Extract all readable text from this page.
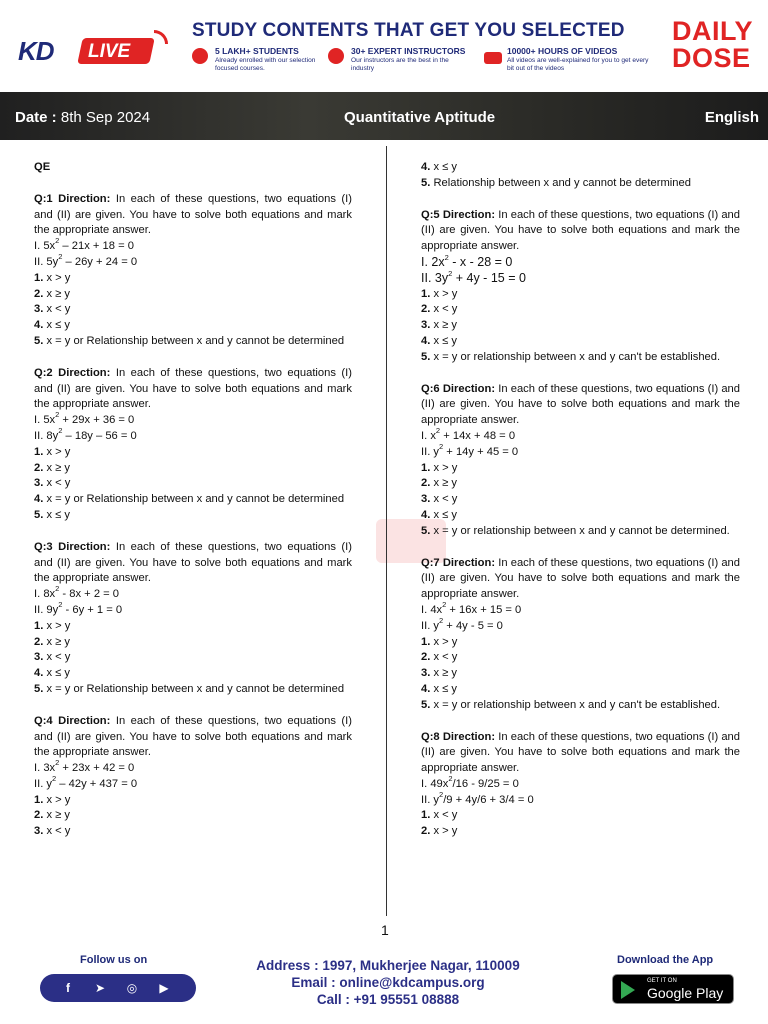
KD LIVE
STUDY CONTENTS THAT GET YOU SELECTED
5 LAKH+ STUDENTS
Already enrolled with our selection focused courses.
30+ EXPERT INSTRUCTORS
Our instructors are the best in the industry
10000+ HOURS OF VIDEOS
All videos are well-explained for you to get every bit out of the videos
DAILY
DOSE
Date : 8th Sep 2024	Quantitative Aptitude	English
QE
Q:1 Direction: In each of these questions, two equations (I) and (II) are given. You have to solve both equations and mark the appropriate answer.
I. $5x^2 - 21x + 18 = 0$
II. $5y^2 - 26y + 24 = 0$
1. x > y
2. x ≥ y
3. x < y
4. x ≤ y
5. x = y or Relationship between x and y cannot be determined
Q:2 Direction: In each of these questions, two equations (I) and (II) are given. You have to solve both equations and mark the appropriate answer.
I. $5x^2 + 29x + 36 = 0$
II. $8y^2 - 18y - 56 = 0$
1. x > y
2. x ≥ y
3. x < y
4. x = y or Relationship between x and y cannot be determined
5. x ≤ y
Q:3 Direction: In each of these questions, two equations (I) and (II) are given. You have to solve both equations and mark the appropriate answer.
I. $8x^2 - 8x + 2 = 0$
II. $9y^2 - 6y + 1 = 0$
1. x > y
2. x ≥ y
3. x < y
4. x ≤ y
5. x = y or Relationship between x and y cannot be determined
Q:4 Direction: In each of these questions, two equations (I) and (II) are given. You have to solve both equations and mark the appropriate answer.
I. $3x^2 + 23x + 42 = 0$
II. $y^2 - 42y + 437 = 0$
1. x > y
2. x ≥ y
3. x < y
4. x ≤ y
5. Relationship between x and y cannot be determined
Q:5 Direction: In each of these questions, two equations (I) and (II) are given. You have to solve both equations and mark the appropriate answer.
I. $2x^2 - x - 28 = 0$
II. $3y^2 + 4y - 15 = 0$
1. x > y
2. x < y
3. x ≥ y
4. x ≤ y
5. x = y or relationship between x and y can't be established.
Q:6 Direction: In each of these questions, two equations (I) and (II) are given. You have to solve both equations and mark the appropriate answer.
I. $x^2 + 14x + 48 = 0$
II. $y^2 + 14y + 45 = 0$
1. x > y
2. x ≥ y
3. x < y
4. x ≤ y
5. x = y or relationship between x and y cannot be determined.
Q:7 Direction: In each of these questions, two equations (I) and (II) are given. You have to solve both equations and mark the appropriate answer.
I. $4x^2 + 16x + 15 = 0$
II. $y^2 + 4y - 5 = 0$
1. x > y
2. x < y
3. x ≥ y
4. x ≤ y
5. x = y or relationship between x and y can't be established.
Q:8 Direction: In each of these questions, two equations (I) and (II) are given. You have to solve both equations and mark the appropriate answer.
I. $49x^2/16 - 9/25 = 0$
II. $y^2/9 + 4y/6 + 3/4 = 0$
1. x < y
2. x > y
1
Follow us on
f	➤ ◎ ▶
Address : 1997, Mukherjee Nagar, 110009
Email : online@kdcampus.org
Call : +91 95551 08888
Download the App
GET IT ON
Google Play
